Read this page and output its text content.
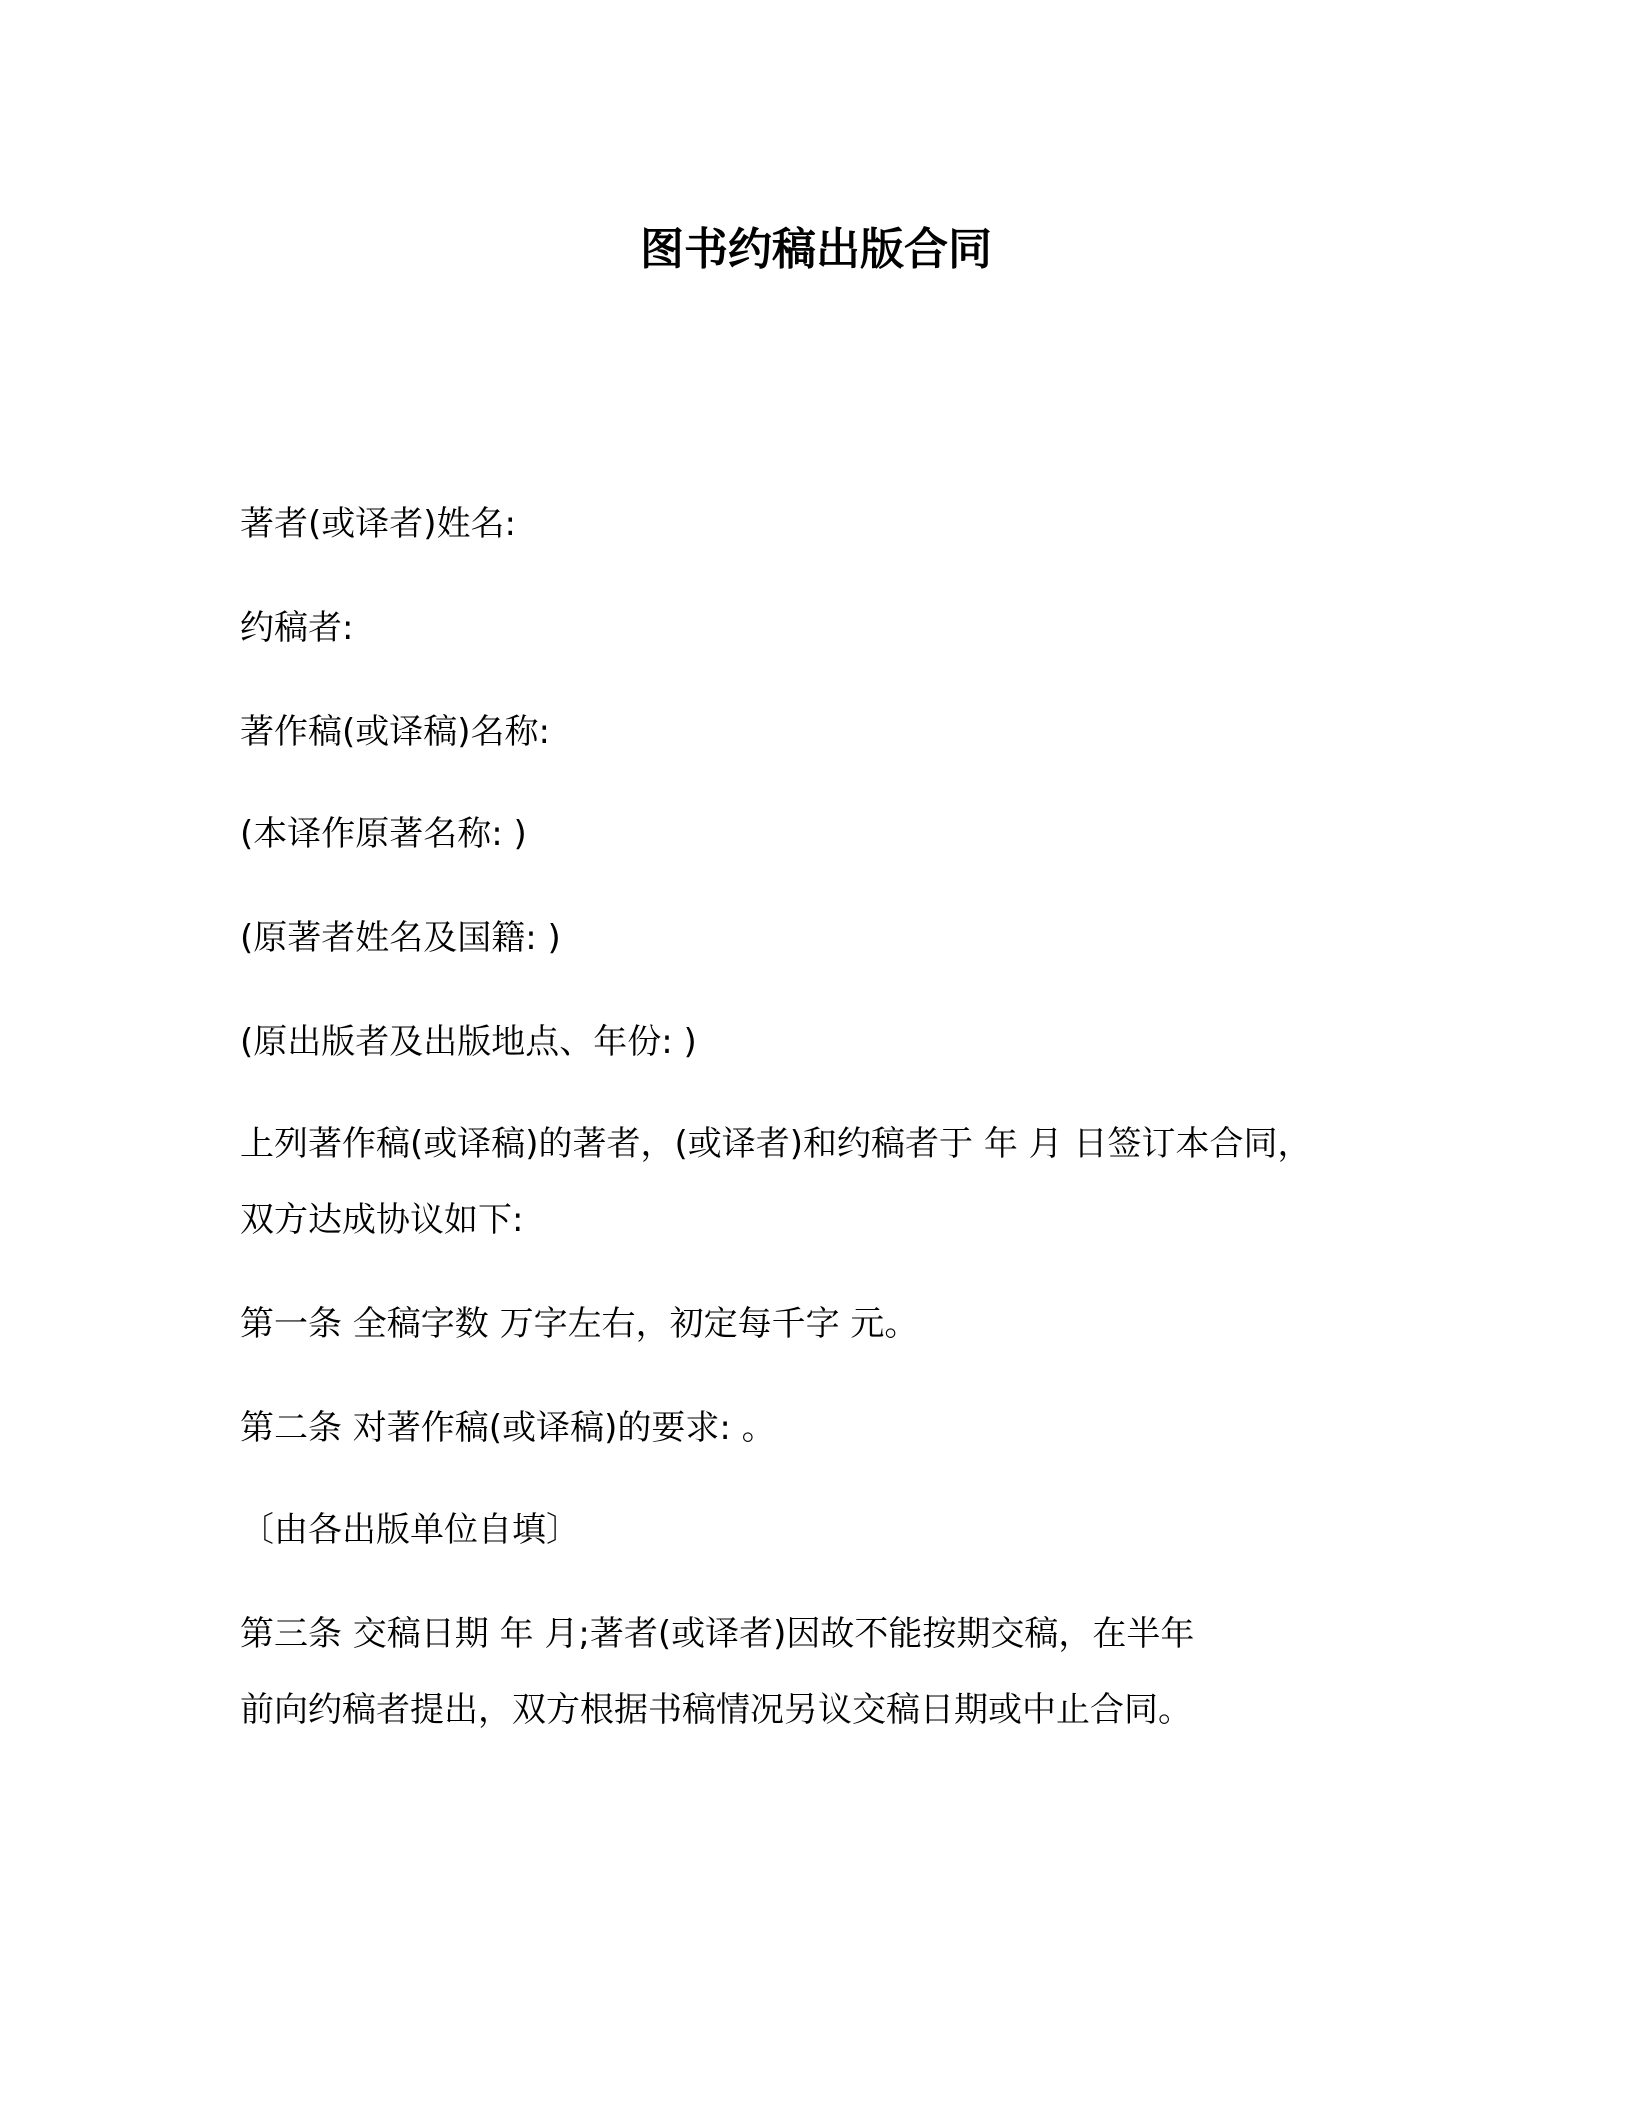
图书约稿出版合同
著者(或译者)姓名:
约稿者:
著作稿(或译稿)名称:
(本译作原著名称: )
(原著者姓名及国籍: )
(原出版者及出版地点、年份: )
上列著作稿(或译稿)的著者，(或译者)和约稿者于 年 月 日签订本合同，
双方达成协议如下:
第一条 全稿字数 万字左右，初定每千字 元。
第二条 对著作稿(或译稿)的要求: 。
〔由各出版单位自填〕
第三条 交稿日期 年 月;著者(或译者)因故不能按期交稿，在半年
前向约稿者提出，双方根据书稿情况另议交稿日期或中止合同。
